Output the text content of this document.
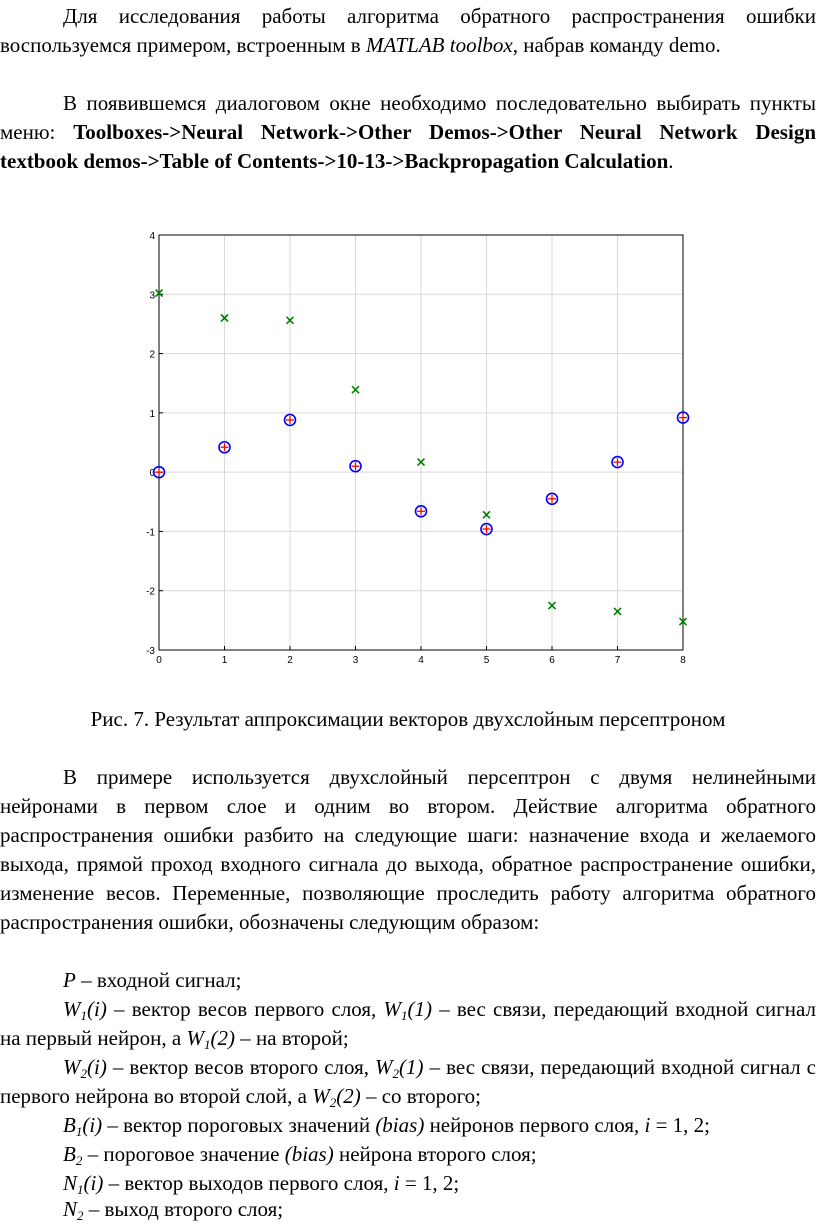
Для исследования работы алгоритма обратного распространения ошибки воспользуемся примером, встроенным в MATLAB toolbox, набрав команду demo.

В появившемся диалоговом окне необходимо последовательно выбирать пункты меню: Toolboxes->Neural Network->Other Demos->Other Neural Network Design textbook demos->Table of Contents->10-13->Backpropagation Calculation.

0	1	2	3	4	5	6	7	8
-3
-2
-1
0
1
2
3
4

Рис. 7. Результат аппроксимации векторов двухслойным персептроном

В примере используется двухслойный персептрон с двумя нелинейными нейронами в первом слое и одним во втором. Действие алгоритма обратного распространения ошибки разбито на следующие шаги: назначение входа и желаемого выхода, прямой проход входного сигнала до выхода, обратное распространение ошибки, изменение весов. Переменные, позволяющие проследить работу алгоритма обратного распространения ошибки, обозначены следующим образом:

P – входной сигнал;

$W_1(i)$ – вектор весов первого слоя, $W_1(1)$ – вес связи, передающий входной сигнал на первый нейрон, а $W_1(2)$ – на второй;

$W_2(i)$ – вектор весов второго слоя, $W_2(1)$ – вес связи, передающий входной сигнал с первого нейрона во второй слой, а $W_2(2)$ – со второго;

$B_1(i)$ – вектор пороговых значений (bias) нейронов первого слоя, i = 1, 2;
$B_2$ – пороговое значение (bias) нейрона второго слоя;
$N_1(i)$ – вектор выходов первого слоя, i = 1, 2;
$N_2$ – выход второго слоя;
